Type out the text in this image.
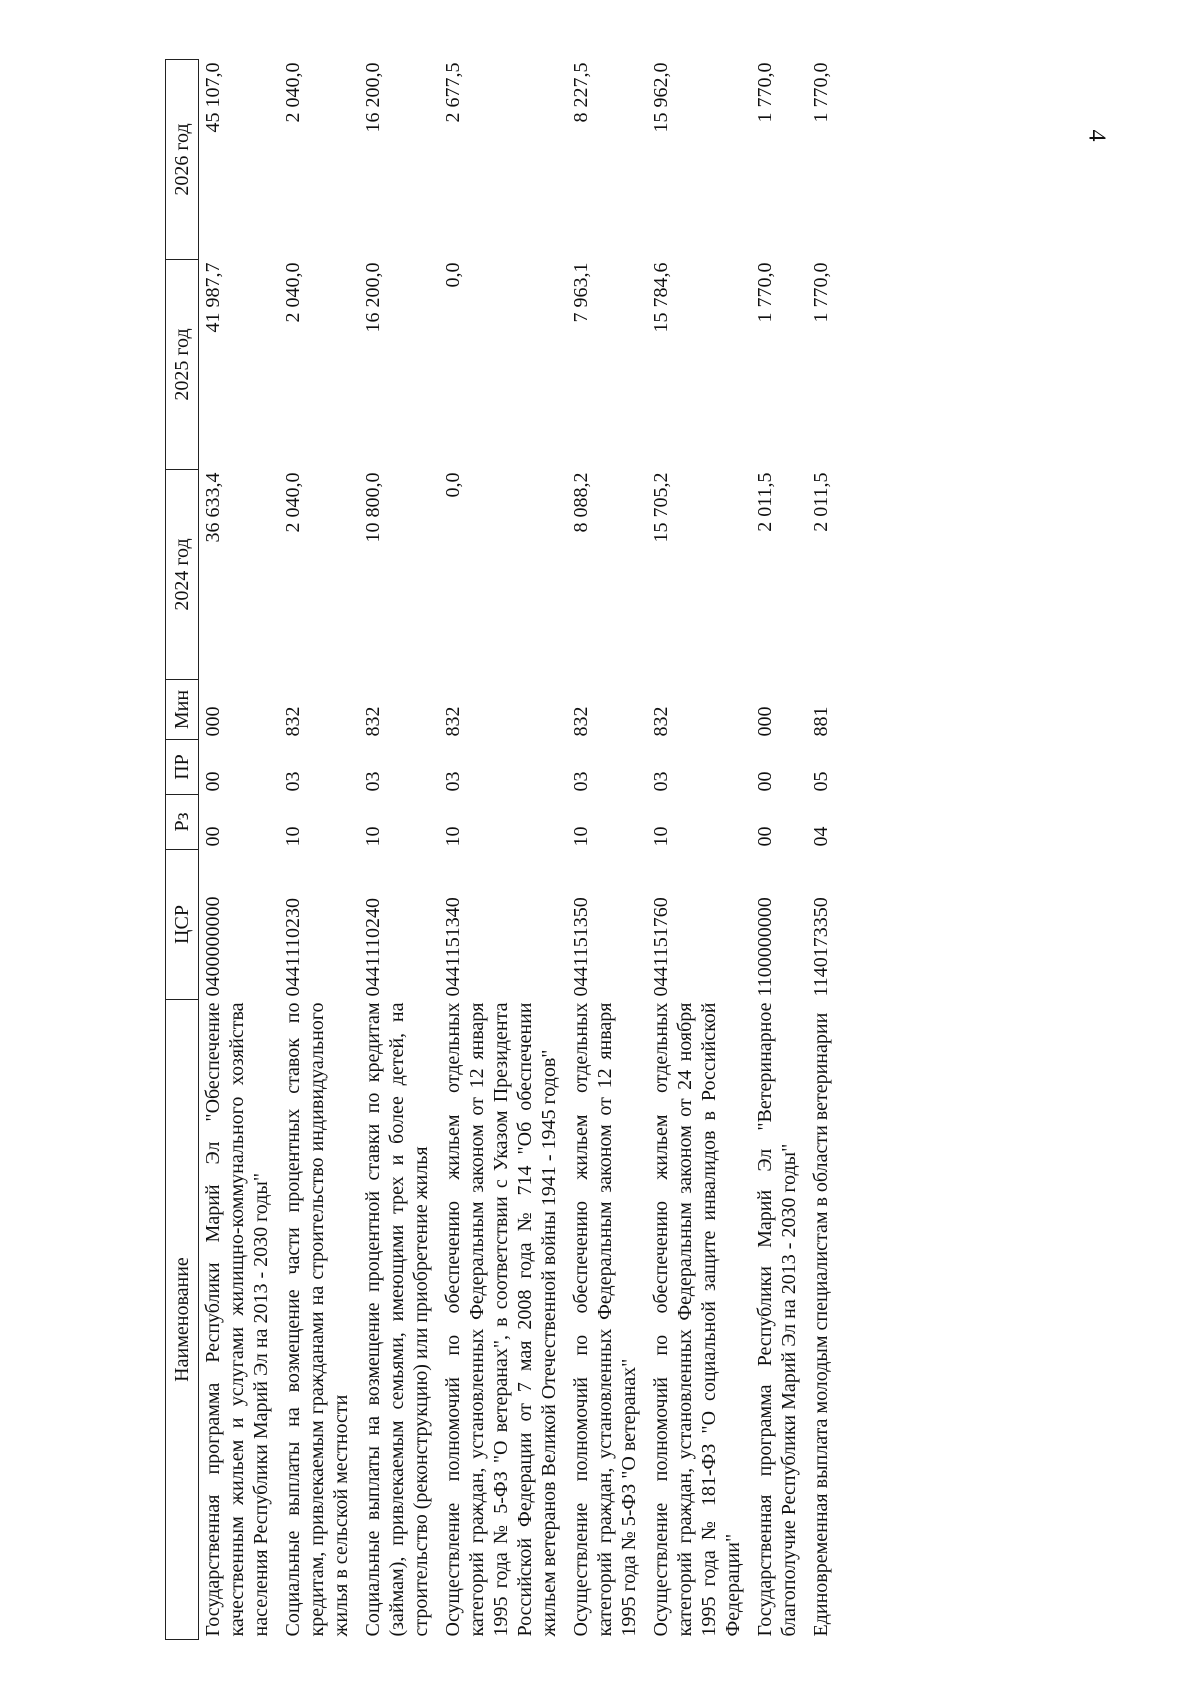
4
Наименование	ЦСР	Рз	ПР	Мин	2024 год	2025 год	2026 год
Государственная программа Республики Марий Эл "Обеспечение качественным жильем и услугами жилищно-коммунального хозяйства населения Республики Марий Эл на 2013 - 2030 годы"	0400000000	00	00	000	36 633,4	41 987,7	45 107,0
Социальные выплаты на возмещение части процентных ставок по кредитам, привлекаемым гражданами на строительство индивидуального жилья в сельской местности	0441110230	10	03	832	2 040,0	2 040,0	2 040,0
Социальные выплаты на возмещение процентной ставки по кредитам (займам), привлекаемым семьями, имеющими трех и более детей, на строительство (реконструкцию) или приобретение жилья	0441110240	10	03	832	10 800,0	16 200,0	16 200,0
Осуществление полномочий по обеспечению жильем отдельных категорий граждан, установленных Федеральным законом от 12 января 1995 года № 5-ФЗ "О ветеранах", в соответствии с Указом Президента Российской Федерации от 7 мая 2008 года № 714 "Об обеспечении жильем ветеранов Великой Отечественной войны 1941 - 1945 годов"	0441151340	10	03	832	0,0	0,0	2 677,5
Осуществление полномочий по обеспечению жильем отдельных категорий граждан, установленных Федеральным законом от 12 января 1995 года № 5-ФЗ "О ветеранах"	0441151350	10	03	832	8 088,2	7 963,1	8 227,5
Осуществление полномочий по обеспечению жильем отдельных категорий граждан, установленных Федеральным законом от 24 ноября 1995 года № 181-ФЗ "О социальной защите инвалидов в Российской Федерации"	0441151760	10	03	832	15 705,2	15 784,6	15 962,0
Государственная программа Республики Марий Эл "Ветеринарное благополучие Республики Марий Эл на 2013 - 2030 годы"	1100000000	00	00	000	2 011,5	1 770,0	1 770,0
Единовременная выплата молодым специалистам в области ветеринарии	1140173350	04	05	881	2 011,5	1 770,0	1 770,0
